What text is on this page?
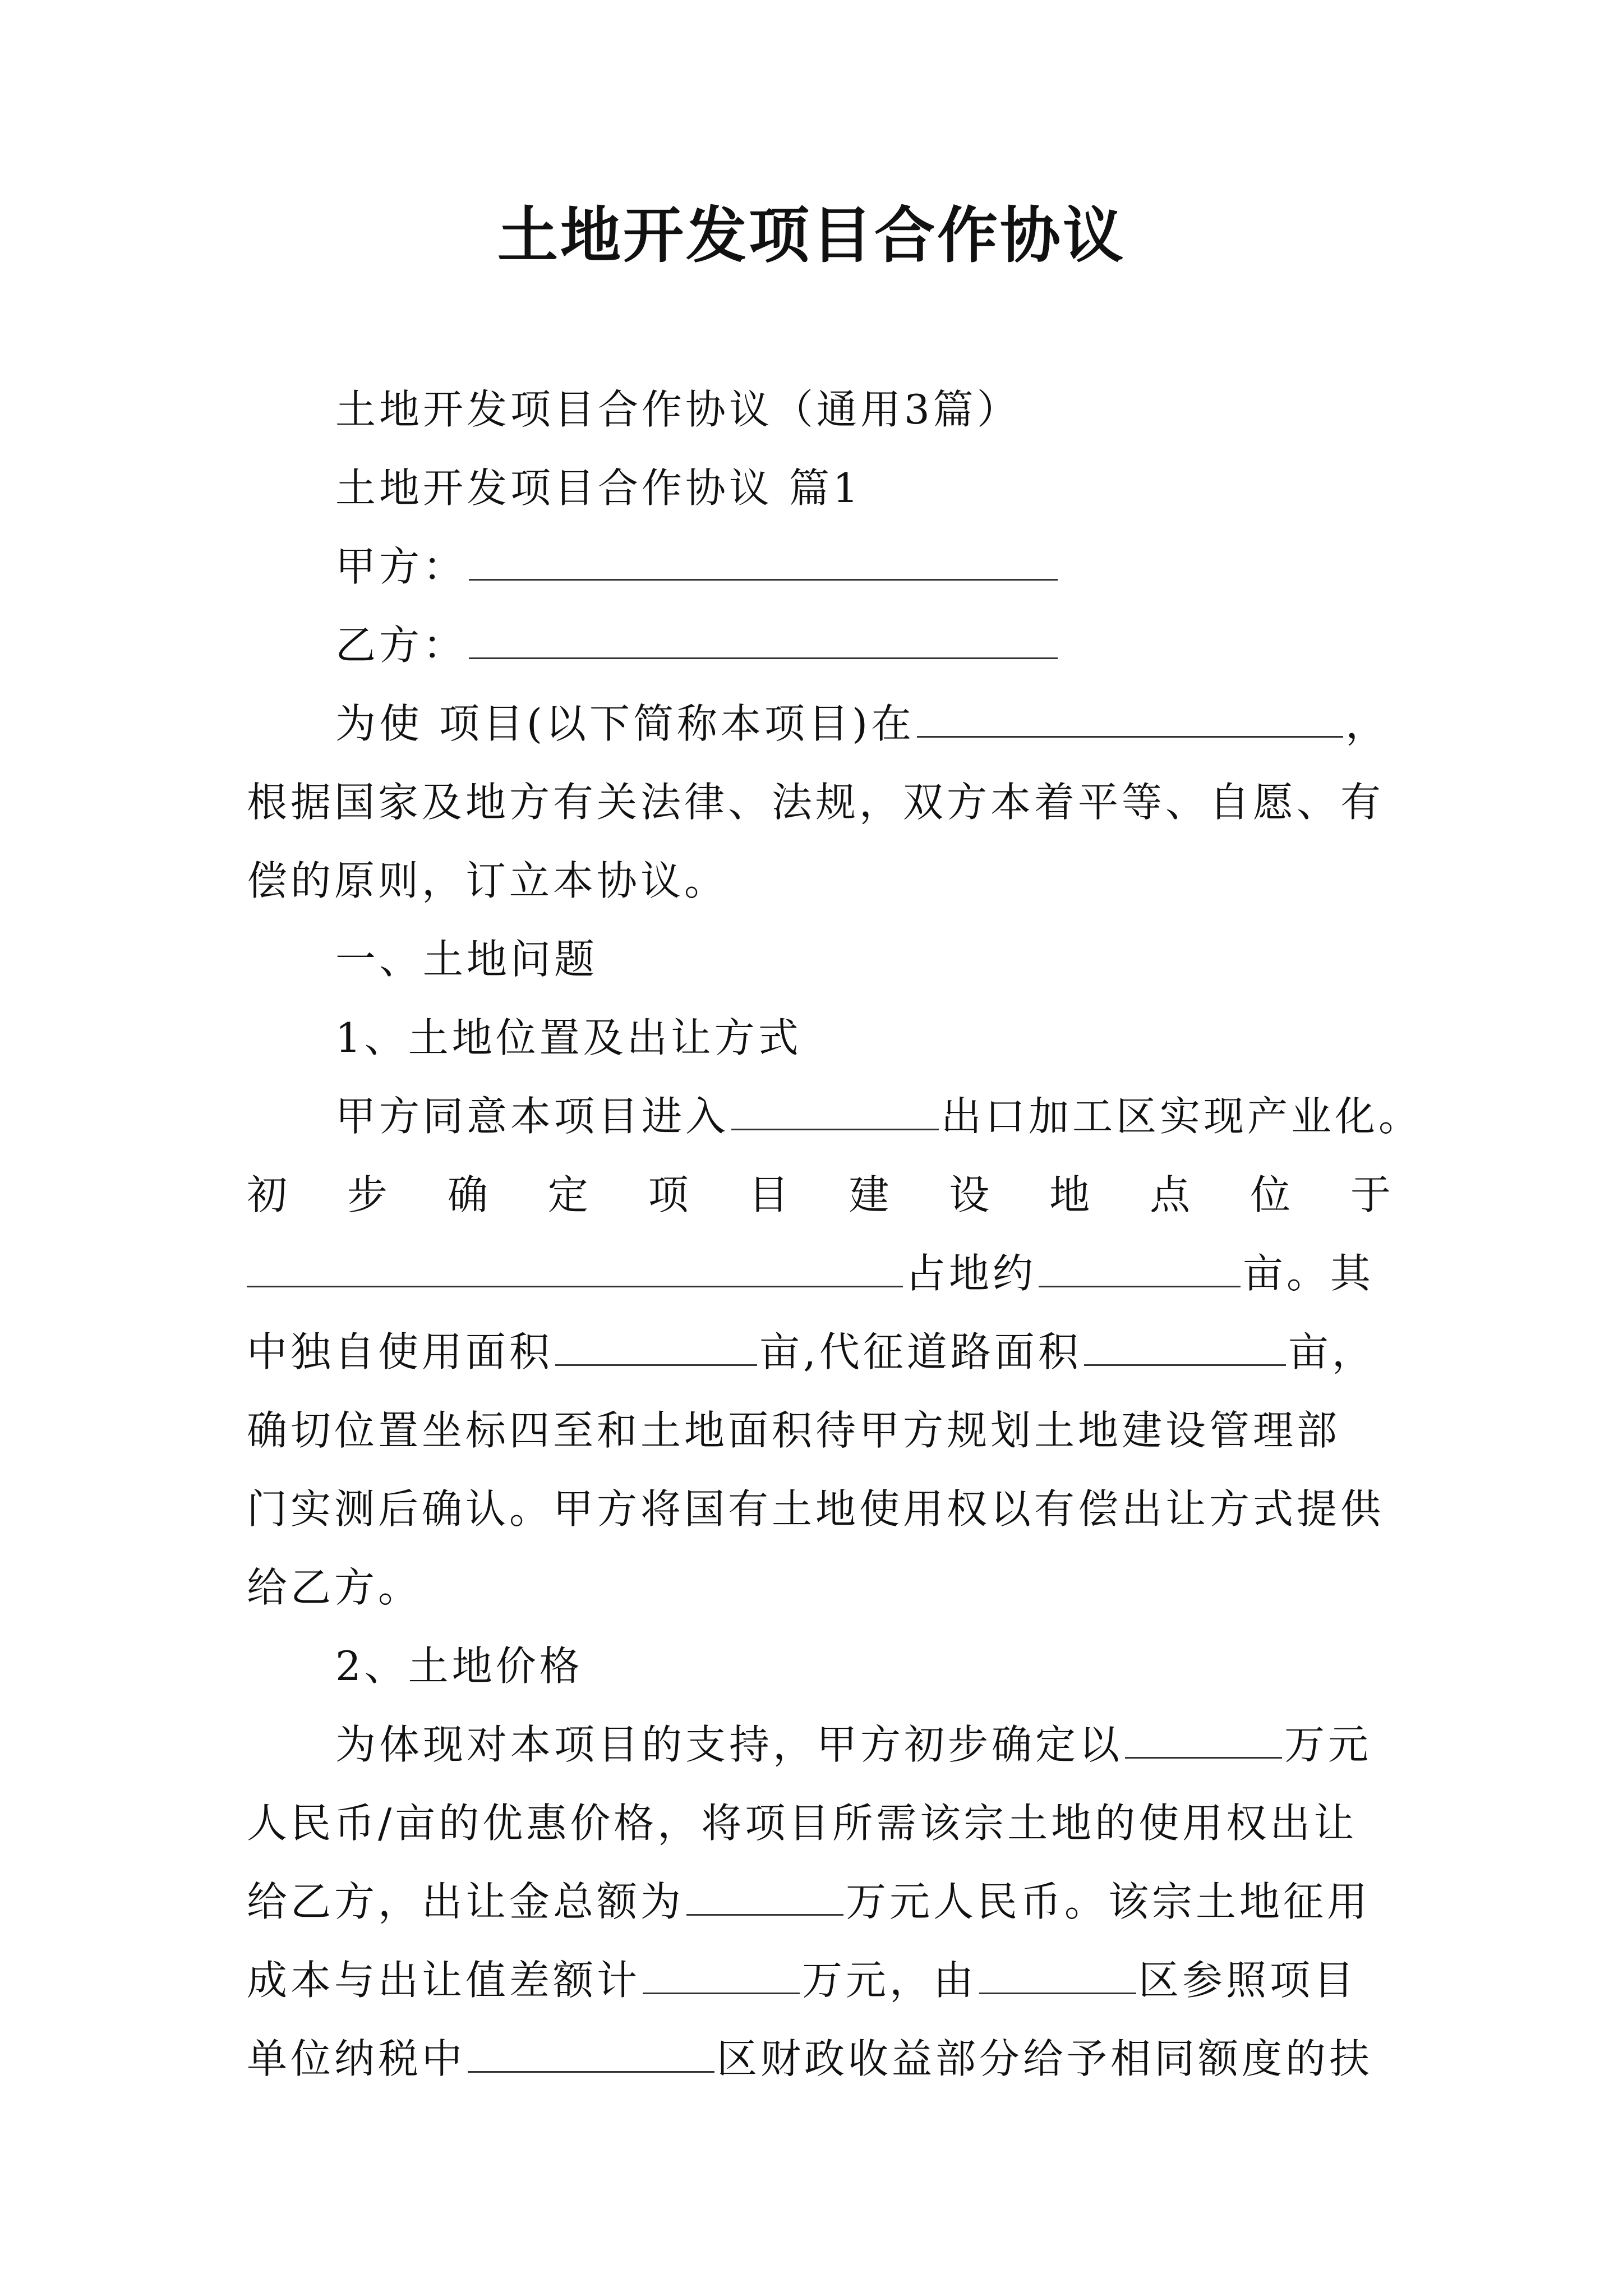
土地开发项目合作协议
土地开发项目合作协议（通用3篇）
土地开发项目合作协议 篇1
甲方：
乙方：
为使 项目(以下简称本项目)在	，
根据国家及地方有关法律、法规，双方本着平等、自愿、有
偿的原则，订立本协议。
一、土地问题
1、土地位置及出让方式
甲方同意本项目进入	出口加工区实现产业化。
初 步 确 定 项 目 建 设 地 点 位 于
占地约	亩。其
中独自使用面积	亩,代征道路面积	亩，
确切位置坐标四至和土地面积待甲方规划土地建设管理部
门实测后确认。甲方将国有土地使用权以有偿出让方式提供
给乙方。
2、土地价格
为体现对本项目的支持，甲方初步确定以	万元
人民币/亩的优惠价格，将项目所需该宗土地的使用权出让
给乙方，出让金总额为	万元人民币。该宗土地征用
成本与出让值差额计	万元，由	区参照项目
单位纳税中	区财政收益部分给予相同额度的扶
